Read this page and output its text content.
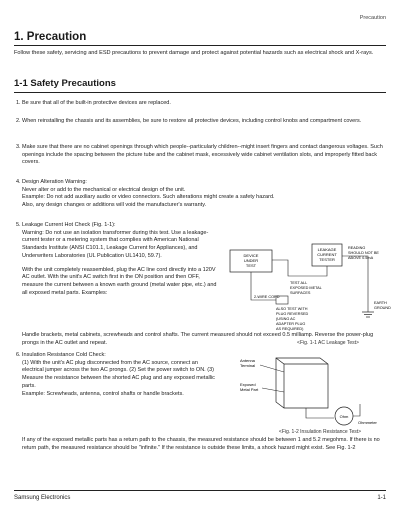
Precaution
1. Precaution
Follow these safety, servicing and ESD precautions to prevent damage and protect against potential hazards such as electrical shock and X-rays.
1-1 Safety Precautions
1. Be sure that all of the built-in protective devices are replaced.

2. When reinstalling the chassis and its assemblies, be sure to restore all protective devices, including control knobs and compartment covers.

3. Make sure that there are no cabinet openings through which people--particularly children--might insert fingers and contact dangerous voltages. Such openings include the spacing between the picture tube and the cabinet mask, excessively wide cabinet ventilation slots, and improperly fitted back covers.

4. Design Alteration Warning:

Never alter or add to the mechanical or electrical design of the unit.

Example: Do not add auxiliary audio or video connectors. Such alterations might create a safety hazard.

Also, any design changes or additions will void the manufacturer's warranty.

5. Leakage Current Hot Check (Fig. 1-1):

Warning: Do not use an isolation transformer during this test. Use a leakage-current tester or a metering system that complies with American National Standards Institute (ANSI C101.1, Leakage Current for Appliances), and Underwriters Laboratories (UL Publication UL1410, 59.7).

With the unit completely reassembled, plug the AC line cord directly into a 120V AC outlet. With the unit's AC switch first in the ON position and then OFF, measure the current between a known earth ground (metal water pipe, etc.) and all exposed metal parts. Examples:

Handle brackets, metal cabinets, screwheads and control shafts. The current measured should not exceed 0.5 milliamp. Reverse the power-plug prongs in the AC outlet and repeat.

DEVICE
UNDER
TEST
LEAKAGE
CURRENT
TESTER
READING
SHOULD NOT BE
ABOVE 0.5mA
TEST ALL
EXPOSED METAL
SURFACES
2-WIRE CORD
ALSO TEST WITH
PLUG REVERSED
(USING AC
ADAPTER PLUG
AS REQUIRED)
EARTH
GROUND
<Fig. 1-1 AC Leakage Test>
6. Insulation Resistance Cold Check:

(1) With the unit's AC plug disconnected from the AC source, connect an electrical jumper across the two AC prongs. (2) Set the power switch to ON. (3) Measure the resistance between the shorted AC plug and any exposed metallic parts.

Example: Screwheads, antenna, control shafts or handle brackets.

If any of the exposed metallic parts has a return path to the chassis, the measured resistance should be between 1 and 5.2 megohms. If there is no return path, the measured resistance should be "infinite." If the resistance is outside these limits, a shock hazard might exist. See Fig. 1-2

Antenna
Terminal
Exposed
Metal Part
Ohm
Ohmmeter
<Fig. 1-2 Insulation Resistance Test>
Samsung Electronics	1-1
